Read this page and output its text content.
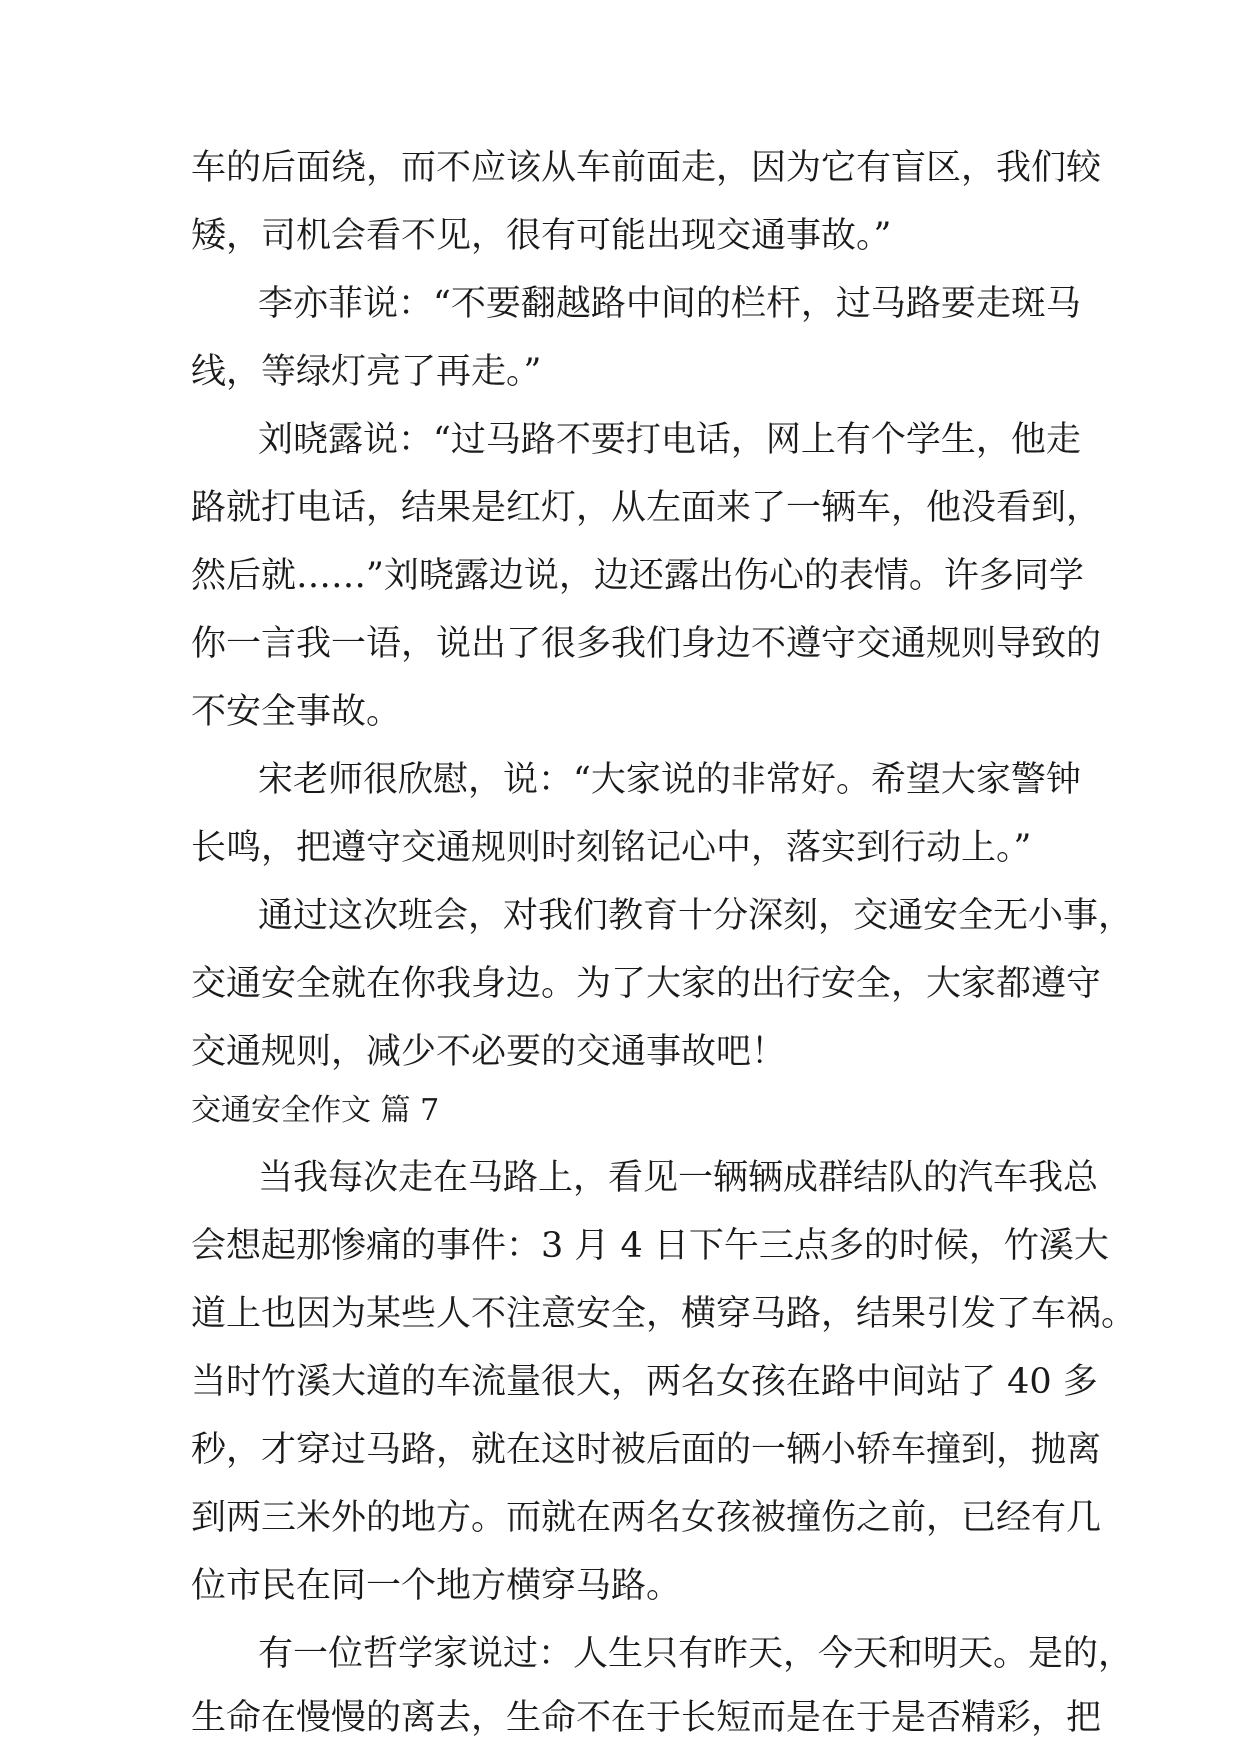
车的后面绕，而不应该从车前面走，因为它有盲区，我们较
矮，司机会看不见，很有可能出现交通事故。”
李亦菲说：“不要翻越路中间的栏杆，过马路要走斑马
线，等绿灯亮了再走。”
刘晓露说：“过马路不要打电话，网上有个学生，他走
路就打电话，结果是红灯，从左面来了一辆车，他没看到，
然后就……”刘晓露边说，边还露出伤心的表情。许多同学
你一言我一语，说出了很多我们身边不遵守交通规则导致的
不安全事故。
宋老师很欣慰，说：“大家说的非常好。希望大家警钟
长鸣，把遵守交通规则时刻铭记心中，落实到行动上。”
通过这次班会，对我们教育十分深刻，交通安全无小事，
交通安全就在你我身边。为了大家的出行安全，大家都遵守
交通规则，减少不必要的交通事故吧！
交通安全作文 篇 7
当我每次走在马路上，看见一辆辆成群结队的汽车我总
会想起那惨痛的事件：3 月 4 日下午三点多的时候，竹溪大
道上也因为某些人不注意安全，横穿马路，结果引发了车祸。
当时竹溪大道的车流量很大，两名女孩在路中间站了 40 多
秒，才穿过马路，就在这时被后面的一辆小轿车撞到，抛离
到两三米外的地方。而就在两名女孩被撞伤之前，已经有几
位市民在同一个地方横穿马路。
有一位哲学家说过：人生只有昨天，今天和明天。是的，
生命在慢慢的离去，生命不在于长短而是在于是否精彩，把
